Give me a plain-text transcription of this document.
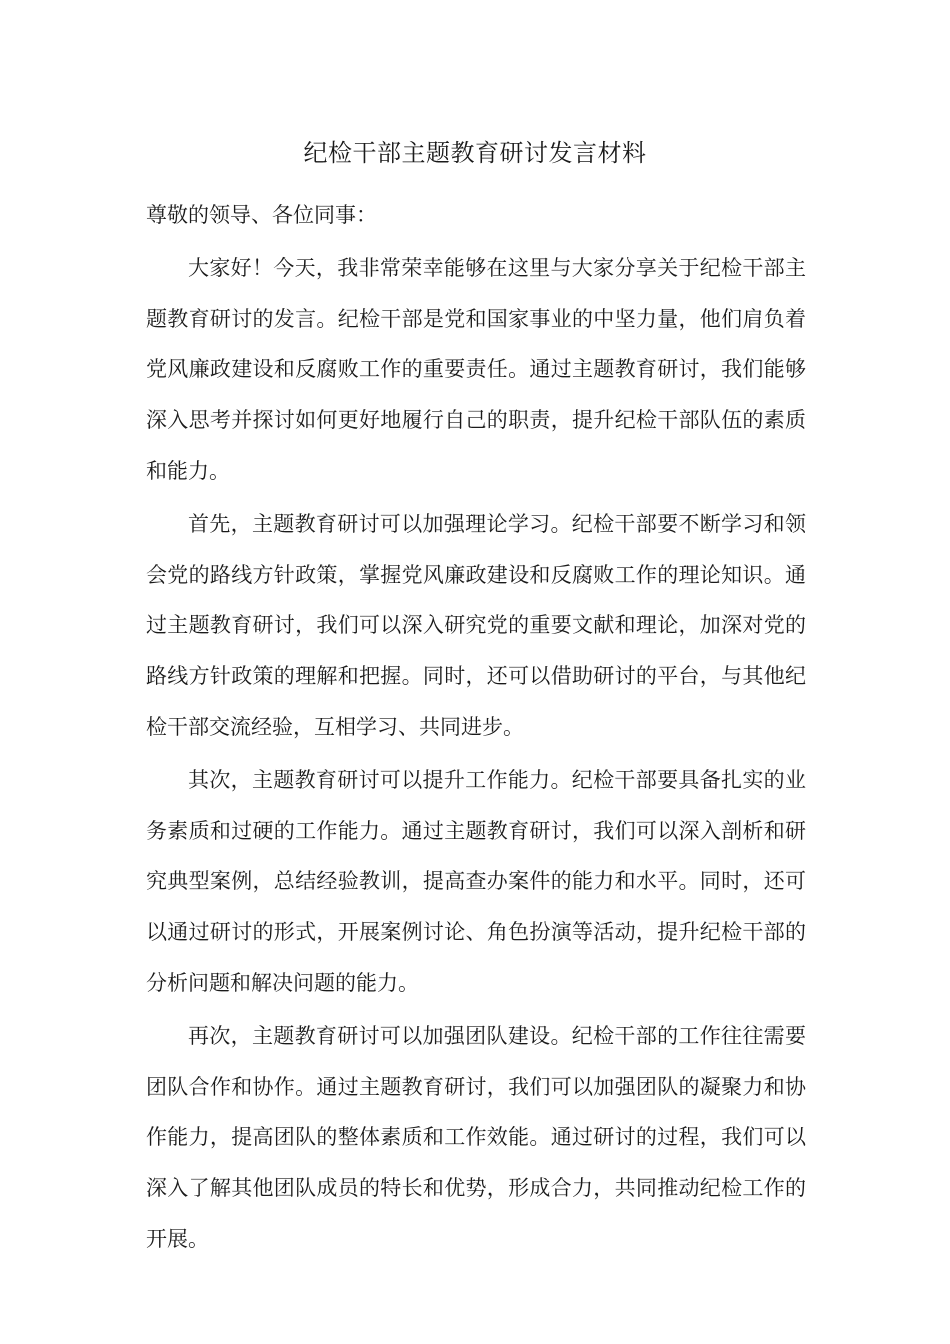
纪检干部主题教育研讨发言材料

尊敬的领导、各位同事：

大家好！今天，我非常荣幸能够在这里与大家分享关于纪检干部主题教育研讨的发言。纪检干部是党和国家事业的中坚力量，他们肩负着党风廉政建设和反腐败工作的重要责任。通过主题教育研讨，我们能够深入思考并探讨如何更好地履行自己的职责，提升纪检干部队伍的素质和能力。

首先，主题教育研讨可以加强理论学习。纪检干部要不断学习和领会党的路线方针政策，掌握党风廉政建设和反腐败工作的理论知识。通过主题教育研讨，我们可以深入研究党的重要文献和理论，加深对党的路线方针政策的理解和把握。同时，还可以借助研讨的平台，与其他纪检干部交流经验，互相学习、共同进步。

其次，主题教育研讨可以提升工作能力。纪检干部要具备扎实的业务素质和过硬的工作能力。通过主题教育研讨，我们可以深入剖析和研究典型案例，总结经验教训，提高查办案件的能力和水平。同时，还可以通过研讨的形式，开展案例讨论、角色扮演等活动，提升纪检干部的分析问题和解决问题的能力。

再次，主题教育研讨可以加强团队建设。纪检干部的工作往往需要团队合作和协作。通过主题教育研讨，我们可以加强团队的凝聚力和协作能力，提高团队的整体素质和工作效能。通过研讨的过程，我们可以深入了解其他团队成员的特长和优势，形成合力，共同推动纪检工作的开展。
